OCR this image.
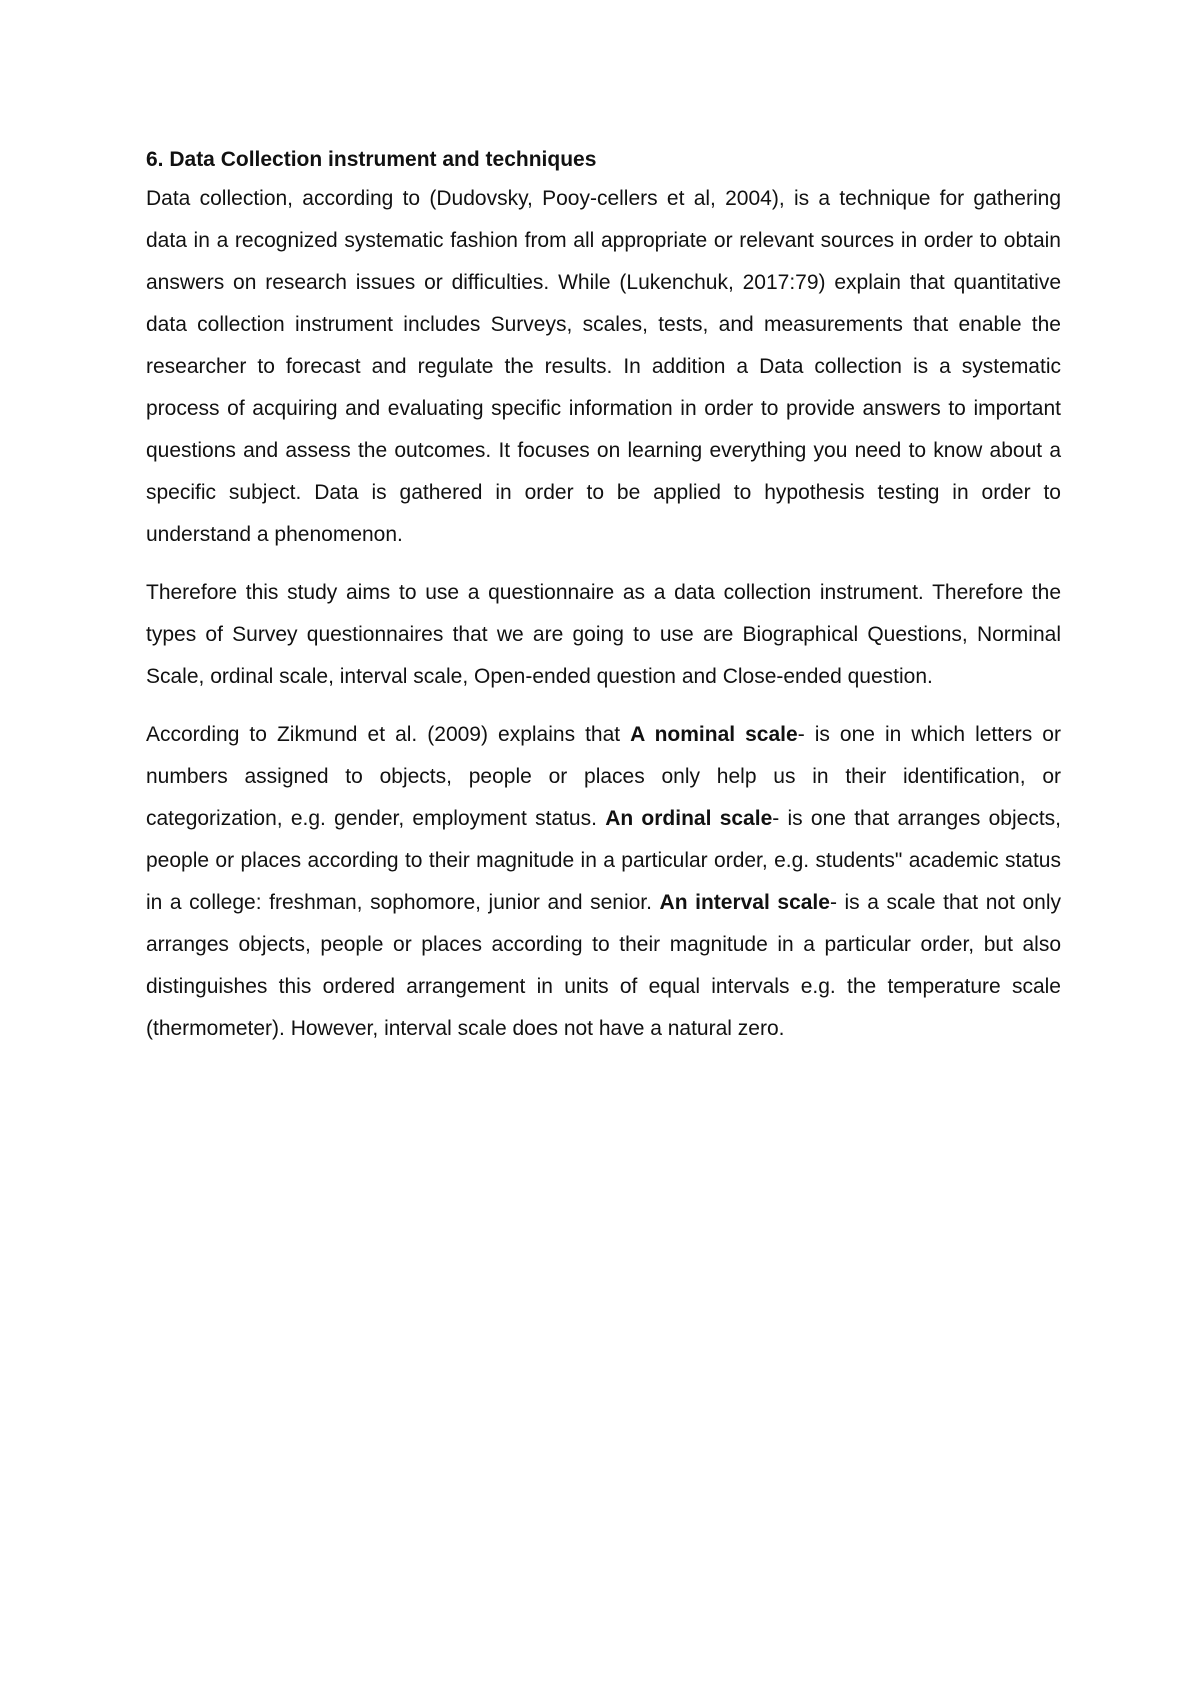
6. Data Collection instrument and techniques

Data collection, according to (Dudovsky, Pooy-cellers et al, 2004), is a technique for gathering data in a recognized systematic fashion from all appropriate or relevant sources in order to obtain answers on research issues or difficulties. While (Lukenchuk, 2017:79) explain that quantitative data collection instrument includes Surveys, scales, tests, and measurements that enable the researcher to forecast and regulate the results. In addition a Data collection is a systematic process of acquiring and evaluating specific information in order to provide answers to important questions and assess the outcomes. It focuses on learning everything you need to know about a specific subject. Data is gathered in order to be applied to hypothesis testing in order to understand a phenomenon.

Therefore this study aims to use a questionnaire as a data collection instrument. Therefore the types of Survey questionnaires that we are going to use are Biographical Questions, Norminal Scale, ordinal scale, interval scale, Open-ended question and Close-ended question.

According to Zikmund et al. (2009) explains that A nominal scale- is one in which letters or numbers assigned to objects, people or places only help us in their identification, or categorization, e.g. gender, employment status. An ordinal scale- is one that arranges objects, people or places according to their magnitude in a particular order, e.g. students" academic status in a college: freshman, sophomore, junior and senior. An interval scale- is a scale that not only arranges objects, people or places according to their magnitude in a particular order, but also distinguishes this ordered arrangement in units of equal intervals e.g. the temperature scale (thermometer). However, interval scale does not have a natural zero.
